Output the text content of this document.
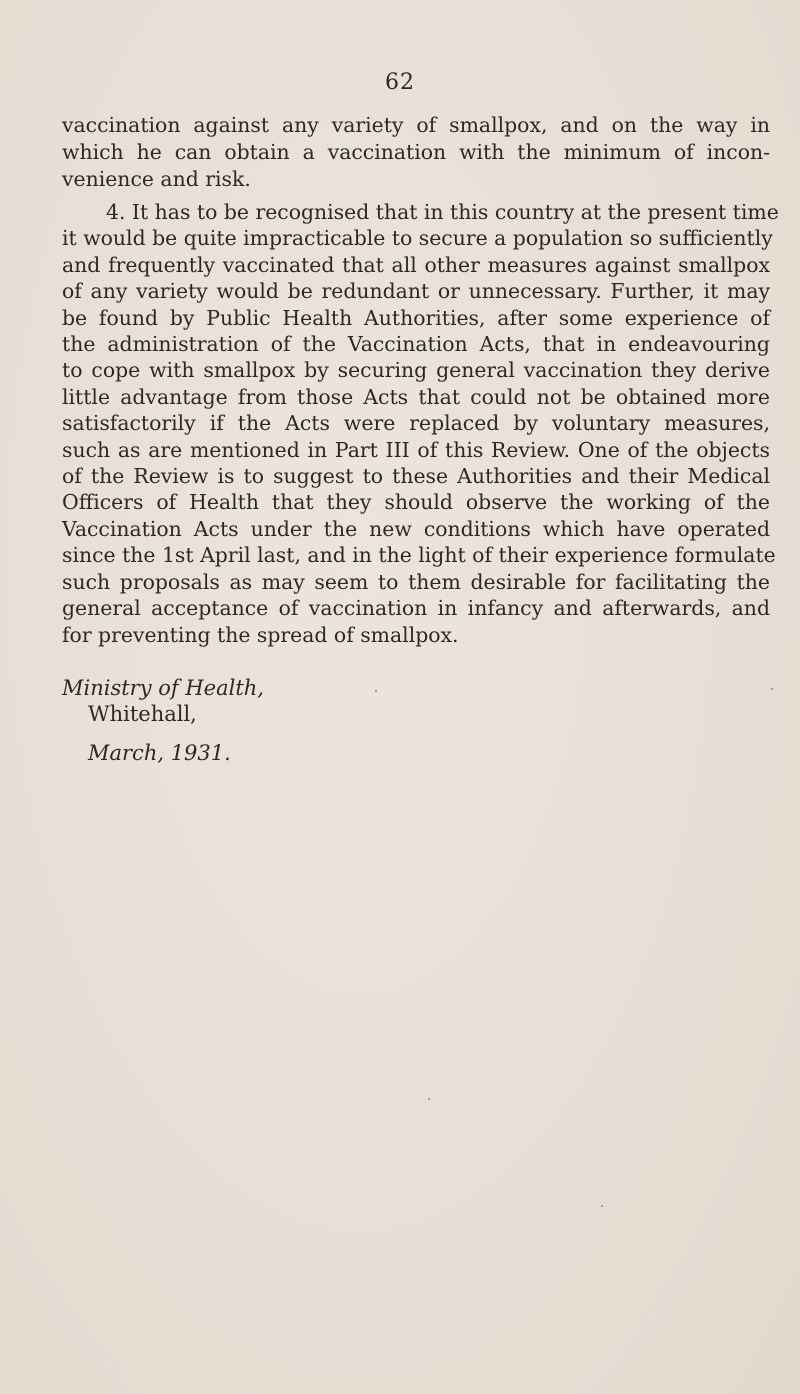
62
vaccination against any variety of smallpox, and on the way in
which he can obtain a vaccination with the minimum of incon-
venience and risk.
4. It has to be recognised that in this country at the present time
it would be quite impracticable to secure a population so sufficiently
and frequently vaccinated that all other measures against smallpox
of any variety would be redundant or unnecessary. Further, it may
be found by Public Health Authorities, after some experience of
the administration of the Vaccination Acts, that in endeavouring
to cope with smallpox by securing general vaccination they derive
little advantage from those Acts that could not be obtained more
satisfactorily if the Acts were replaced by voluntary measures,
such as are mentioned in Part III of this Review. One of the objects
of the Review is to suggest to these Authorities and their Medical
Officers of Health that they should observe the working of the
Vaccination Acts under the new conditions which have operated
since the 1st April last, and in the light of their experience formulate
such proposals as may seem to them desirable for facilitating the
general acceptance of vaccination in infancy and afterwards, and
for preventing the spread of smallpox.
Ministry of Health,
Whitehall,
March, 1931.
